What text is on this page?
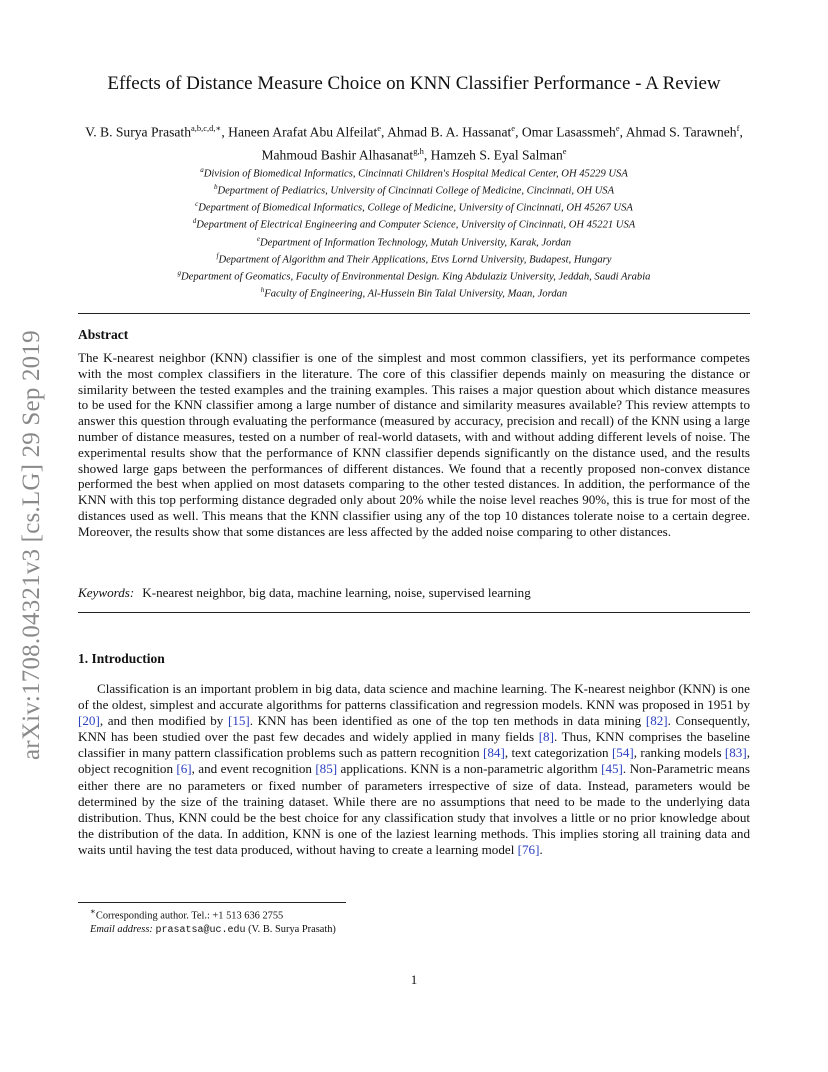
arXiv:1708.04321v3 [cs.LG] 29 Sep 2019
Effects of Distance Measure Choice on KNN Classifier Performance - A Review
V. B. Surya Prasath$^{a,b,c,d,∗}$, Haneen Arafat Abu Alfeilat$^e$, Ahmad B. A. Hassanat$^e$, Omar Lasassmeh$^e$, Ahmad S. Tarawneh$^f$, Mahmoud Bashir Alhasanat$^{g,h}$, Hamzeh S. Eyal Salman$^e$
$^a$Division of Biomedical Informatics, Cincinnati Children's Hospital Medical Center, OH 45229 USA
$^b$Department of Pediatrics, University of Cincinnati College of Medicine, Cincinnati, OH USA
$^c$Department of Biomedical Informatics, College of Medicine, University of Cincinnati, OH 45267 USA
$^d$Department of Electrical Engineering and Computer Science, University of Cincinnati, OH 45221 USA
$^e$Department of Information Technology, Mutah University, Karak, Jordan
$^f$Department of Algorithm and Their Applications, Etvs Lornd University, Budapest, Hungary
$^g$Department of Geomatics, Faculty of Environmental Design. King Abdulaziz University, Jeddah, Saudi Arabia
$^h$Faculty of Engineering, Al-Hussein Bin Talal University, Maan, Jordan
Abstract
The K-nearest neighbor (KNN) classifier is one of the simplest and most common classifiers, yet its performance competes with the most complex classifiers in the literature. The core of this classifier depends mainly on measuring the distance or similarity between the tested examples and the training examples. This raises a major question about which distance measures to be used for the KNN classifier among a large number of distance and similarity measures available? This review attempts to answer this question through evaluating the performance (measured by accuracy, precision and recall) of the KNN using a large number of distance measures, tested on a number of real-world datasets, with and without adding different levels of noise. The experimental results show that the performance of KNN classifier depends significantly on the distance used, and the results showed large gaps between the performances of different distances. We found that a recently proposed non-convex distance performed the best when applied on most datasets comparing to the other tested distances. In addition, the performance of the KNN with this top performing distance degraded only about 20% while the noise level reaches 90%, this is true for most of the distances used as well. This means that the KNN classifier using any of the top 10 distances tolerate noise to a certain degree. Moreover, the results show that some distances are less affected by the added noise comparing to other distances.
Keywords: K-nearest neighbor, big data, machine learning, noise, supervised learning
1. Introduction
Classification is an important problem in big data, data science and machine learning. The K-nearest neighbor (KNN) is one of the oldest, simplest and accurate algorithms for patterns classification and regression models. KNN was proposed in 1951 by [20], and then modified by [15]. KNN has been identified as one of the top ten methods in data mining [82]. Consequently, KNN has been studied over the past few decades and widely applied in many fields [8]. Thus, KNN comprises the baseline classifier in many pattern classification problems such as pattern recognition [84], text categorization [54], ranking models [83], object recognition [6], and event recognition [85] applications. KNN is a non-parametric algorithm [45]. Non-Parametric means either there are no parameters or fixed number of parameters irrespective of size of data. Instead, parameters would be determined by the size of the training dataset. While there are no assumptions that need to be made to the underlying data distribution. Thus, KNN could be the best choice for any classification study that involves a little or no prior knowledge about the distribution of the data. In addition, KNN is one of the laziest learning methods. This implies storing all training data and waits until having the test data produced, without having to create a learning model [76].
∗Corresponding author. Tel.: +1 513 636 2755
Email address: prasatsa@uc.edu (V. B. Surya Prasath)
1
